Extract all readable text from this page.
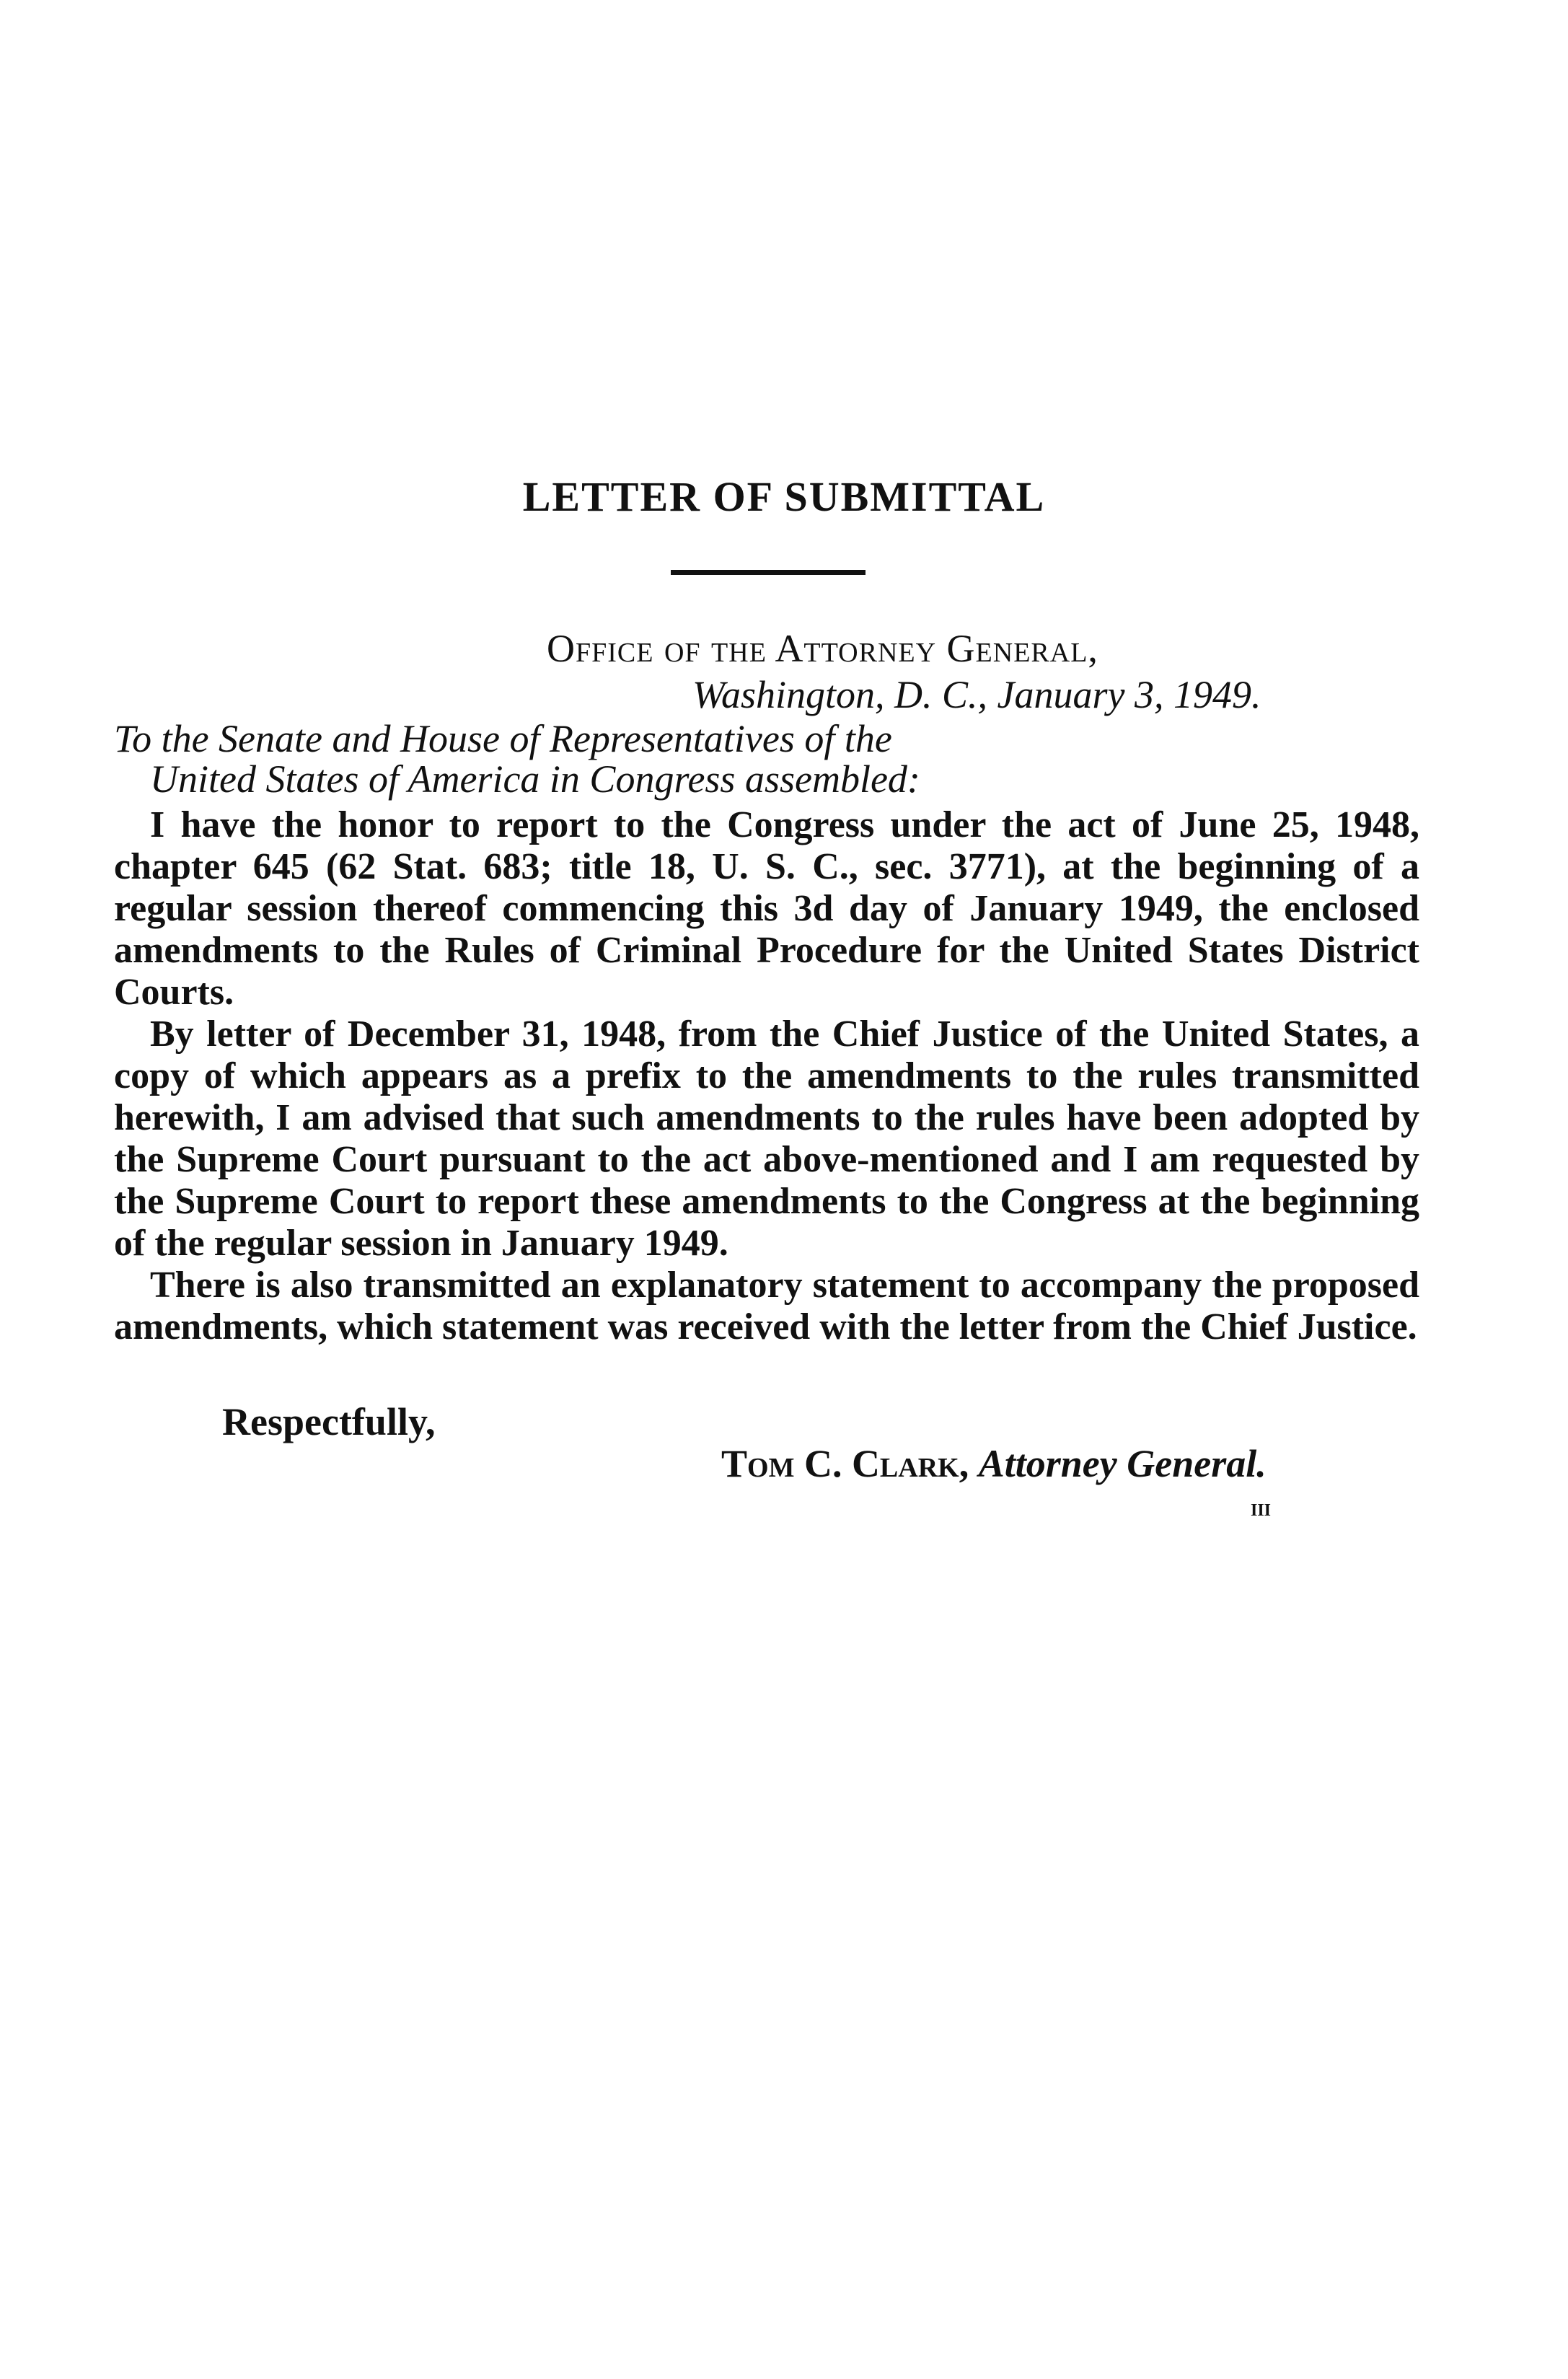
LETTER OF SUBMITTAL
Office of the Attorney General,
Washington, D. C., January 3, 1949.
To the Senate and House of Representatives of the
United States of America in Congress assembled:

I have the honor to report to the Congress under the act of June 25, 1948, chapter 645 (62 Stat. 683; title 18, U. S. C., sec. 3771), at the beginning of a regular session thereof commencing this 3d day of January 1949, the enclosed amendments to the Rules of Criminal Procedure for the United States District Courts.

By letter of December 31, 1948, from the Chief Justice of the United States, a copy of which appears as a prefix to the amendments to the rules transmitted herewith, I am advised that such amendments to the rules have been adopted by the Supreme Court pursuant to the act above-mentioned and I am requested by the Supreme Court to report these amendments to the Congress at the beginning of the regular session in January 1949.

There is also transmitted an explanatory statement to accompany the proposed amendments, which statement was received with the letter from the Chief Justice.

Respectfully,
Tom C. Clark, Attorney General.
iii
